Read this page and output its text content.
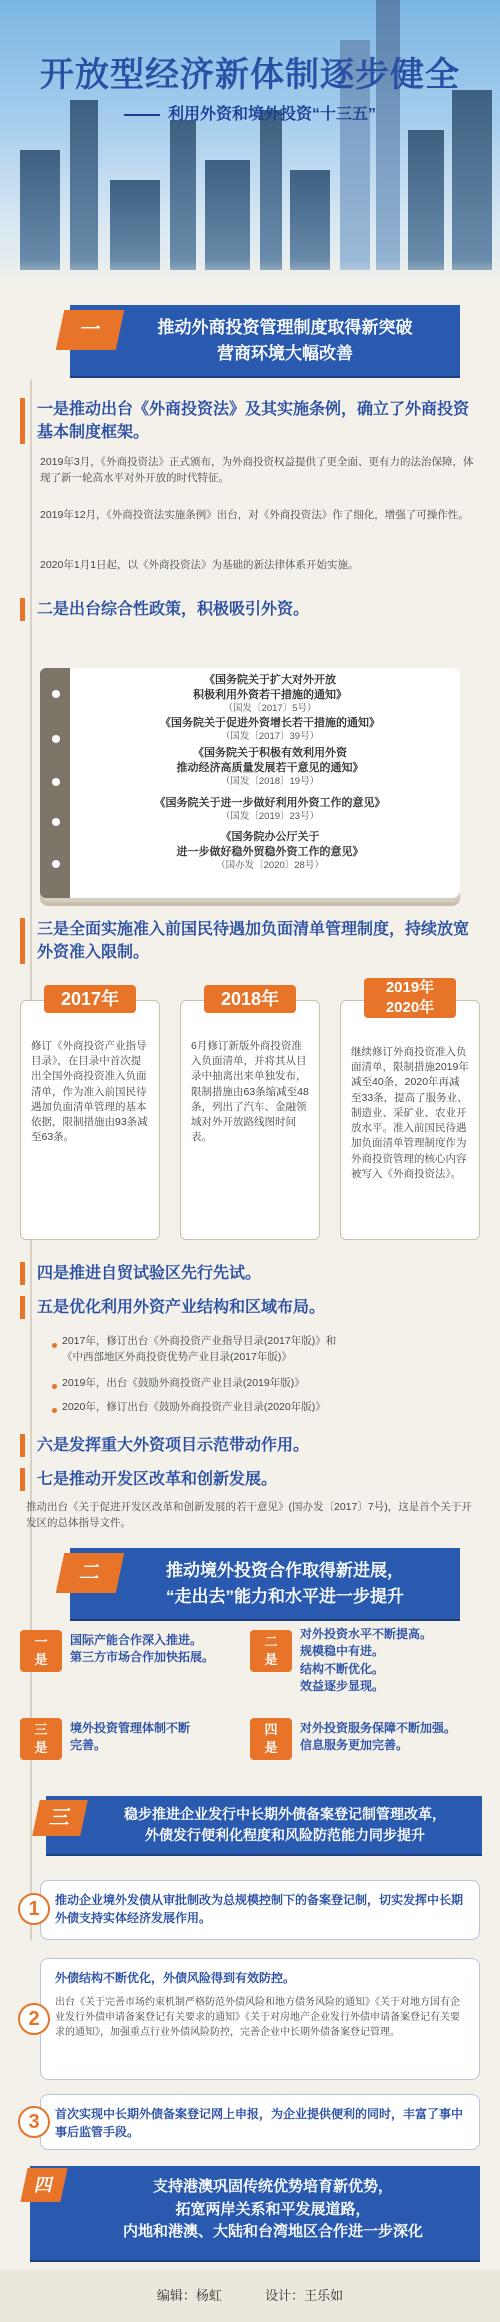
开放型经济新体制逐步健全
利用外资和境外投资“十三五”
推动外商投资管理制度取得新突破
营商环境大幅改善
一
一是推动出台《外商投资法》及其实施条例，确立了外商投资基本制度框架。
2019年3月，《外商投资法》正式颁布，为外商投资权益提供了更全面、更有力的法治保障，体现了新一轮高水平对外开放的时代特征。
2019年12月，《外商投资法实施条例》出台，对《外商投资法》作了细化，增强了可操作性。
2020年1月1日起，以《外商投资法》为基础的新法律体系开始实施。
二是出台综合性政策，积极吸引外资。
《国务院关于扩大对外开放
积极利用外资若干措施的通知》
（国发〔2017〕5号）
《国务院关于促进外资增长若干措施的通知》
（国发〔2017〕39号）
《国务院关于积极有效利用外资
推动经济高质量发展若干意见的通知》
（国发〔2018〕19号）
《国务院关于进一步做好利用外资工作的意见》
（国发〔2019〕23号）
《国务院办公厅关于
进一步做好稳外贸稳外资工作的意见》
（国办发〔2020〕28号）
三是全面实施准入前国民待遇加负面清单管理制度，持续放宽外资准入限制。
修订《外商投资产业指导目录》，在目录中首次提出全国外商投资准入负面清单，作为准入前国民待遇加负面清单管理的基本依据，限制措施由93条减至63条。
2017年
6月修订新版外商投资准入负面清单，并将其从目录中抽离出来单独发布，限制措施由63条缩减至48条，列出了汽车、金融领域对外开放路线图时间表。
2018年
继续修订外商投资准入负面清单，限制措施2019年减至40条，2020年再减至33条，提高了服务业、制造业、采矿业、农业开放水平。准入前国民待遇加负面清单管理制度作为外商投资管理的核心内容被写入《外商投资法》。
2019年
2020年
四是推进自贸试验区先行先试。
五是优化利用外资产业结构和区域布局。
2017年，修订出台《外商投资产业指导目录(2017年版)》和
《中西部地区外商投资优势产业目录(2017年版)》
2019年，出台《鼓励外商投资产业目录(2019年版)》
2020年，修订出台《鼓励外商投资产业目录(2020年版)》
六是发挥重大外资项目示范带动作用。
七是推动开发区改革和创新发展。
推动出台《关于促进开发区改革和创新发展的若干意见》(国办发〔2017〕7号)，这是首个关于开发区的总体指导文件。
推动境外投资合作取得新进展，
“走出去”能力和水平进一步提升
二
一
是
国际产能合作深入推进。
第三方市场合作加快拓展。
二
是
对外投资水平不断提高。
规模稳中有进。
结构不断优化。
效益逐步显现。
三
是
境外投资管理体制不断
完善。
四
是
对外投资服务保障不断加强。
信息服务更加完善。
稳步推进企业发行中长期外债备案登记制管理改革，
外债发行便利化程度和风险防范能力同步提升
三
推动企业境外发债从审批制改为总规模控制下的备案登记制，切实发挥中长期外债支持实体经济发展作用。
1
外债结构不断优化，外债风险得到有效防控。
出台《关于完善市场约束机制严格防范外债风险和地方债务风险的通知》《关于对地方国有企业发行外债申请备案登记有关要求的通知》《关于对房地产企业发行外债申请备案登记有关要求的通知》，加强重点行业外债风险防控，完善企业中长期外债备案登记管理。
2
首次实现中长期外债备案登记网上申报，为企业提供便利的同时，丰富了事中事后监管手段。
3
支持港澳巩固传统优势培育新优势，
拓宽两岸关系和平发展道路，
内地和港澳、大陆和台湾地区合作进一步深化
四
编辑：杨虹	设计：王乐如
